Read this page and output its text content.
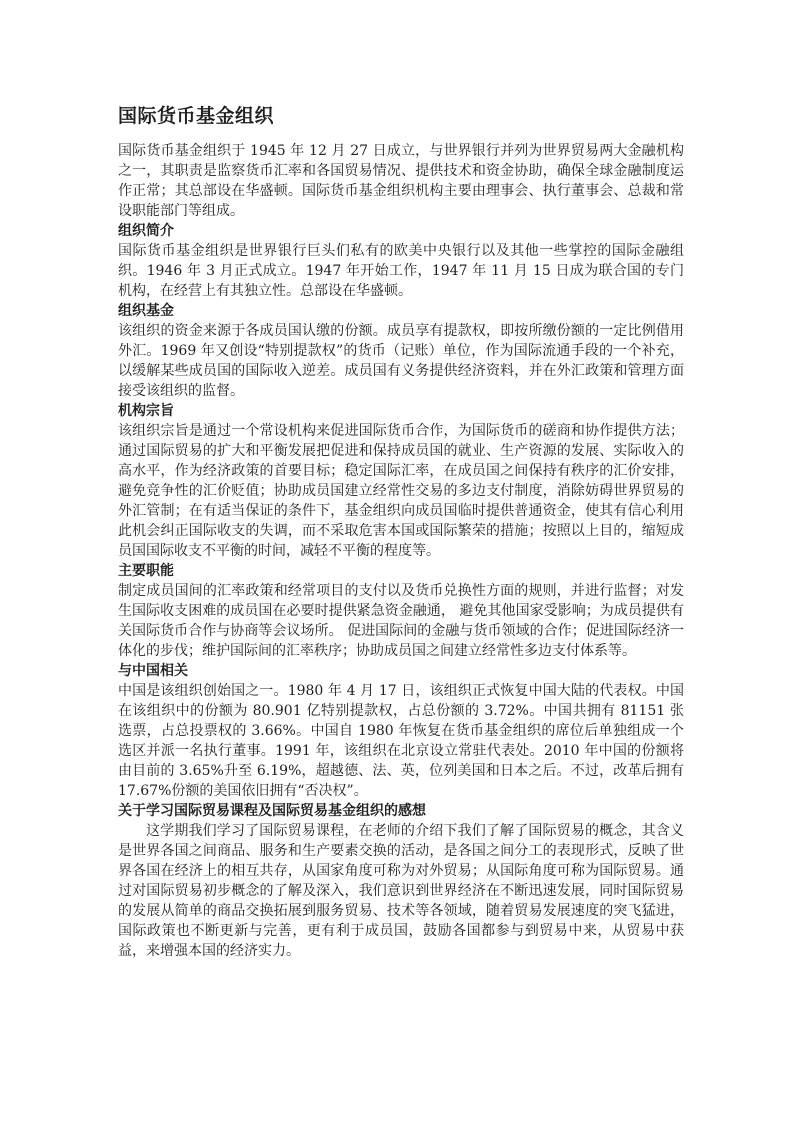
国际货币基金组织

国际货币基金组织于 1945 年 12 月 27 日成立，与世界银行并列为世界贸易两大金融机构之一，其职责是监察货币汇率和各国贸易情况、提供技术和资金协助，确保全球金融制度运作正常；其总部设在华盛顿。国际货币基金组织机构主要由理事会、执行董事会、总裁和常设职能部门等组成。

组织简介

国际货币基金组织是世界银行巨头们私有的欧美中央银行以及其他一些掌控的国际金融组织。1946 年 3 月正式成立。1947 年开始工作，1947 年 11 月 15 日成为联合国的专门机构，在经营上有其独立性。总部设在华盛顿。

组织基金

该组织的资金来源于各成员国认缴的份额。成员享有提款权，即按所缴份额的一定比例借用外汇。1969 年又创设“特别提款权”的货币（记账）单位，作为国际流通手段的一个补充，以缓解某些成员国的国际收入逆差。成员国有义务提供经济资料，并在外汇政策和管理方面接受该组织的监督。

机构宗旨

该组织宗旨是通过一个常设机构来促进国际货币合作，为国际货币的磋商和协作提供方法；通过国际贸易的扩大和平衡发展把促进和保持成员国的就业、生产资源的发展、实际收入的高水平，作为经济政策的首要目标；稳定国际汇率，在成员国之间保持有秩序的汇价安排，避免竞争性的汇价贬值；协助成员国建立经常性交易的多边支付制度，消除妨碍世界贸易的外汇管制；在有适当保证的条件下，基金组织向成员国临时提供普通资金，使其有信心利用此机会纠正国际收支的失调，而不采取危害本国或国际繁荣的措施；按照以上目的，缩短成员国国际收支不平衡的时间，减轻不平衡的程度等。

主要职能

制定成员国间的汇率政策和经常项目的支付以及货币兑换性方面的规则，并进行监督；对发生国际收支困难的成员国在必要时提供紧急资金融通， 避免其他国家受影响；为成员提供有关国际货币合作与协商等会议场所。 促进国际间的金融与货币领域的合作；促进国际经济一体化的步伐；维护国际间的汇率秩序；协助成员国之间建立经常性多边支付体系等。

与中国相关

中国是该组织创始国之一。1980 年 4 月 17 日，该组织正式恢复中国大陆的代表权。中国在该组织中的份额为 80.901 亿特别提款权，占总份额的 3.72%。中国共拥有 81151 张选票，占总投票权的 3.66%。中国自 1980 年恢复在货币基金组织的席位后单独组成一个选区并派一名执行董事。1991 年，该组织在北京设立常驻代表处。2010 年中国的份额将由目前的 3.65%升至 6.19%，超越德、法、英，位列美国和日本之后。不过，改革后拥有 17.67%份额的美国依旧拥有“否决权”。

关于学习国际贸易课程及国际贸易基金组织的感想

这学期我们学习了国际贸易课程，在老师的介绍下我们了解了国际贸易的概念，其含义是世界各国之间商品、服务和生产要素交换的活动，是各国之间分工的表现形式，反映了世界各国在经济上的相互共存，从国家角度可称为对外贸易；从国际角度可称为国际贸易。通过对国际贸易初步概念的了解及深入，我们意识到世界经济在不断迅速发展，同时国际贸易的发展从简单的商品交换拓展到服务贸易、技术等各领域，随着贸易发展速度的突飞猛进，国际政策也不断更新与完善，更有利于成员国，鼓励各国都参与到贸易中来，从贸易中获益，来增强本国的经济实力。
